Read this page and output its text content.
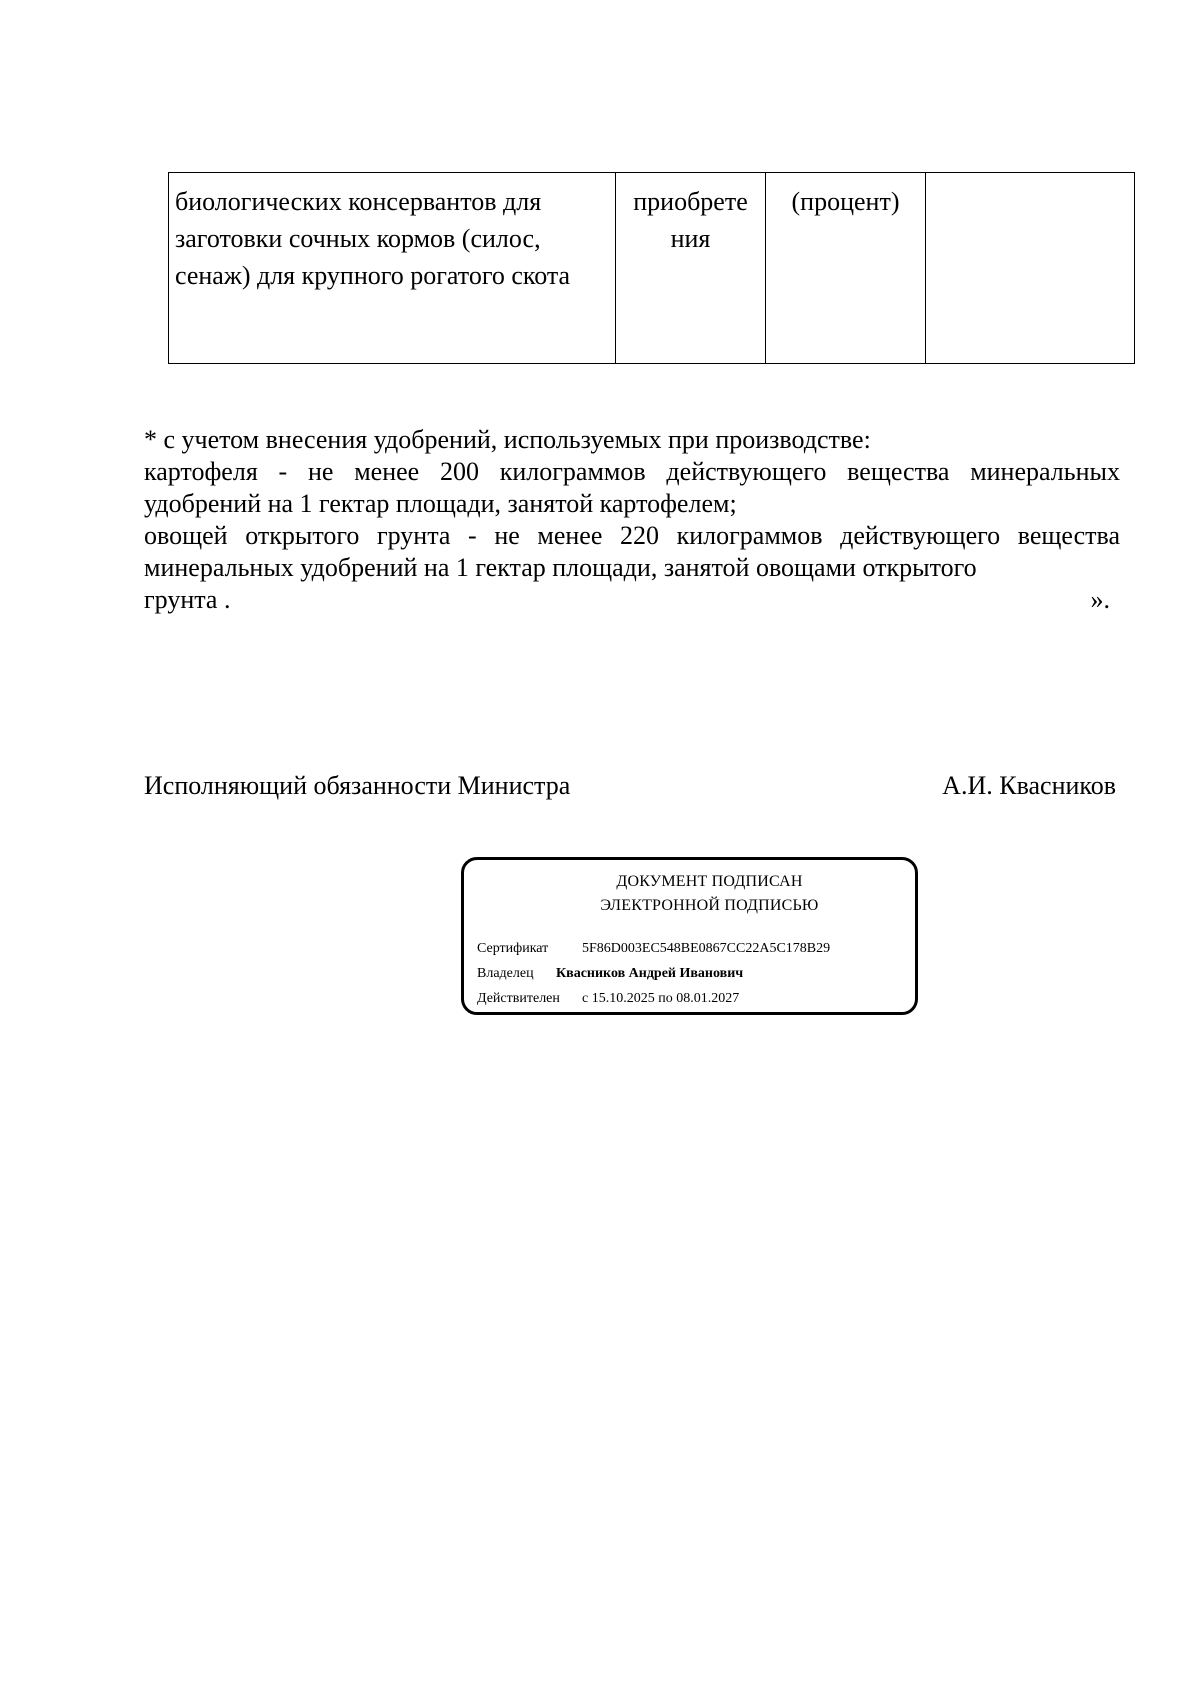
биологических консервантов для заготовки сочных кормов (силос, сенаж) для крупного рогатого скота	приобрете ния	(процент)	

* с учетом внесения удобрений, используемых при производстве:

картофеля - не менее 200 килограммов действующего вещества минеральных удобрений на 1 гектар площади, занятой картофелем;

овощей открытого грунта - не менее 220 килограммов действующего вещества минеральных удобрений на 1 гектар площади, занятой овощами открытого

грунта .	».
Исполняющий обязанности Министра	А.И. Квасников
ДОКУМЕНТ ПОДПИСАН
ЭЛЕКТРОННОЙ ПОДПИСЬЮ
Сертификат	5F86D003EC548BE0867CC22A5C178B29
Владелец	Квасников Андрей Иванович
Действителен	с 15.10.2025 по 08.01.2027
